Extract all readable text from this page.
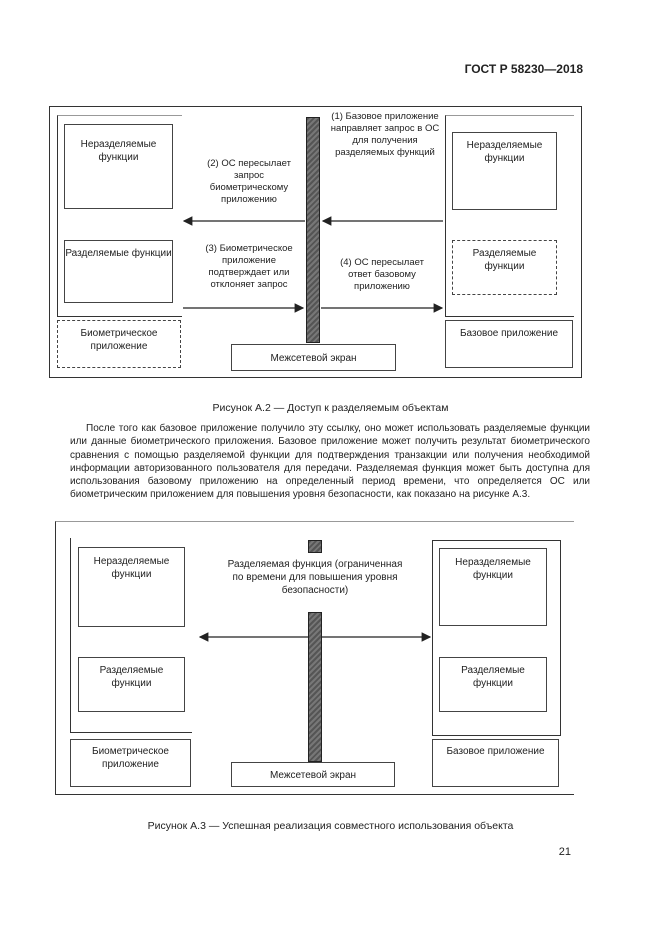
ГОСТ Р 58230—2018
Неразделяемые функции
Разделяемые функции
Биометрическое приложение
Неразделяемые функции
Разделяемые функции
Базовое приложение
Межсетевой экран
(1) Базовое приложение направляет запрос в ОС для получения разделяемых функций
(2) ОС пересылает запрос биометрическому приложению
(3) Биометрическое приложение подтверждает или отклоняет запрос
(4) ОС пересылает ответ базовому приложению
Рисунок А.2 — Доступ к разделяемым объектам
После того как базовое приложение получило эту ссылку, оно может использовать разделяемые функции или данные биометрического приложения. Базовое приложение может получить результат биометрического сравнения с помощью разделяемой функции для подтверждения транзакции или получения необходимой информации авторизованного пользователя для передачи. Разделяемая функция может быть доступна для использования базовому приложению на определенный период времени, что определяется ОС или биометрическим приложением для повышения уровня безопасности, как показано на рисунке А.3.
Неразделяемые функции
Разделяемые функции
Биометрическое приложение
Неразделяемые функции
Разделяемые функции
Базовое приложение
Межсетевой экран
Разделяемая функция (ограниченная по времени для повышения уровня безопасности)
Рисунок А.3 — Успешная реализация совместного использования объекта
21
